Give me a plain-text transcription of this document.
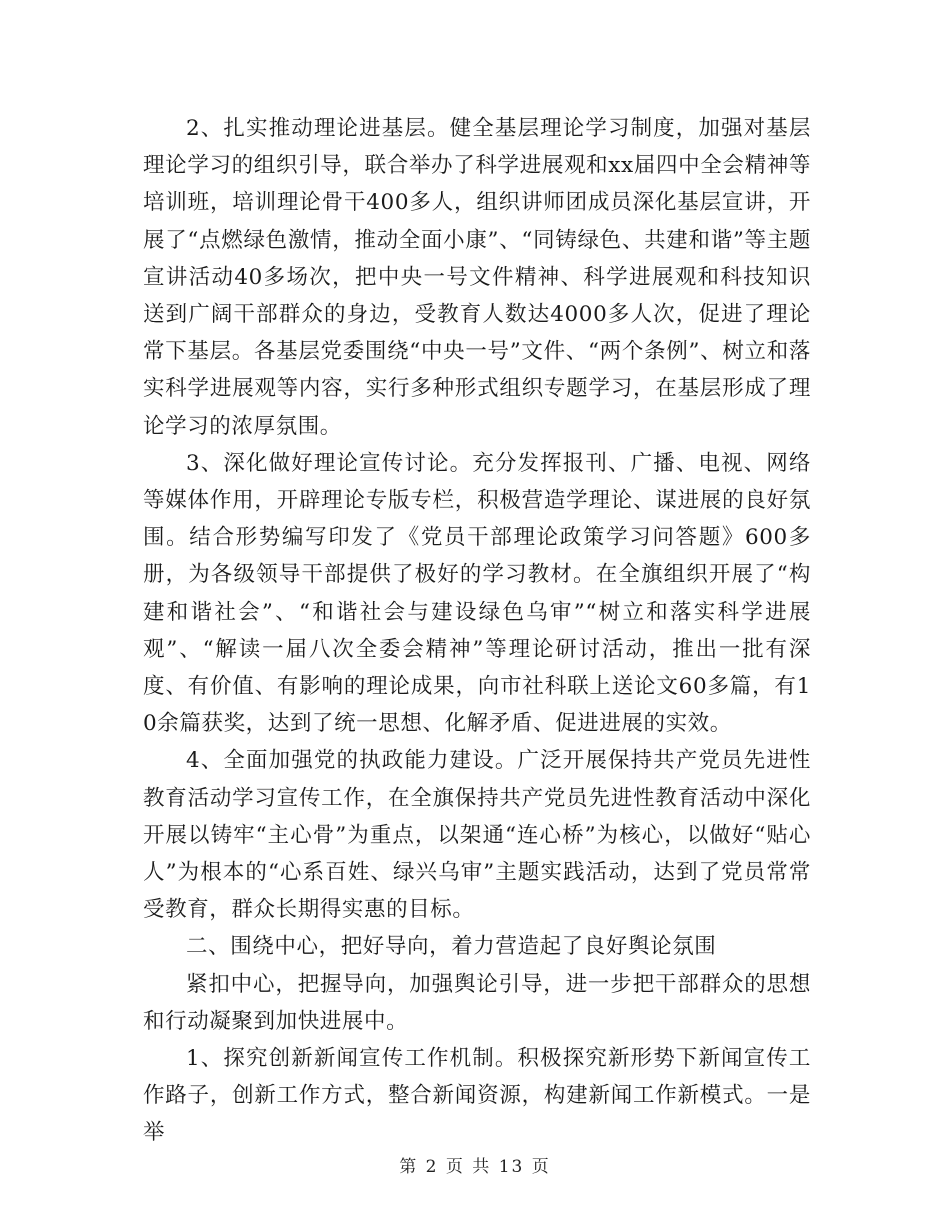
2、扎实推动理论进基层。健全基层理论学习制度，加强对基层理论学习的组织引导，联合举办了科学进展观和xx届四中全会精神等培训班，培训理论骨干400多人，组织讲师团成员深化基层宣讲，开展了“点燃绿色激情，推动全面小康”、“同铸绿色、共建和谐”等主题宣讲活动40多场次，把中央一号文件精神、科学进展观和科技知识送到广阔干部群众的身边，受教育人数达4000多人次，促进了理论常下基层。各基层党委围绕“中央一号”文件、“两个条例”、树立和落实科学进展观等内容，实行多种形式组织专题学习，在基层形成了理论学习的浓厚氛围。

3、深化做好理论宣传讨论。充分发挥报刊、广播、电视、网络等媒体作用，开辟理论专版专栏，积极营造学理论、谋进展的良好氛围。结合形势编写印发了《党员干部理论政策学习问答题》600多册，为各级领导干部提供了极好的学习教材。在全旗组织开展了“构建和谐社会”、“和谐社会与建设绿色乌审”“树立和落实科学进展观”、“解读一届八次全委会精神”等理论研讨活动，推出一批有深度、有价值、有影响的理论成果，向市社科联上送论文60多篇，有10余篇获奖，达到了统一思想、化解矛盾、促进进展的实效。

4、全面加强党的执政能力建设。广泛开展保持共产党员先进性教育活动学习宣传工作，在全旗保持共产党员先进性教育活动中深化开展以铸牢“主心骨”为重点，以架通“连心桥”为核心，以做好“贴心人”为根本的“心系百姓、绿兴乌审”主题实践活动，达到了党员常常受教育，群众长期得实惠的目标。

二、围绕中心，把好导向，着力营造起了良好舆论氛围

紧扣中心，把握导向，加强舆论引导，进一步把干部群众的思想和行动凝聚到加快进展中。

1、探究创新新闻宣传工作机制。积极探究新形势下新闻宣传工作路子，创新工作方式，整合新闻资源，构建新闻工作新模式。一是举

第 2 页 共 13 页
